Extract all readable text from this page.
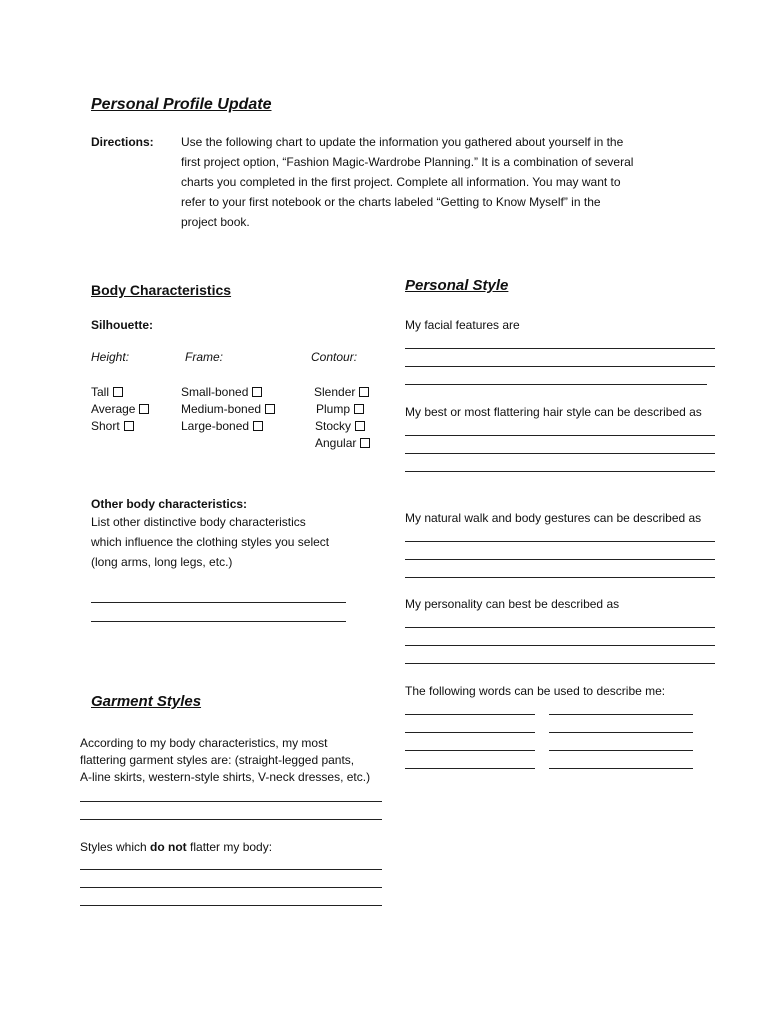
Personal Profile Update
Directions: Use the following chart to update the information you gathered about yourself in the
first project option, “Fashion Magic-Wardrobe Planning.” It is a combination of several
charts you completed in the first project. Complete all information. You may want to
refer to your first notebook or the charts labeled “Getting to Know Myself” in the
project book.
Body Characteristics
Silhouette:
Height:	Frame:	Contour:
Tall
Average
Short
Small-boned
Medium-boned
Large-boned
Slender
Plump
Stocky
Angular
Other body characteristics:
List other distinctive body characteristics
which influence the clothing styles you select
(long arms, long legs, etc.)
Garment Styles
According to my body characteristics, my most
flattering garment styles are: (straight-legged pants,
A-line skirts, western-style shirts, V-neck dresses, etc.)
Styles which do not flatter my body:
Personal Style
My facial features are
My best or most flattering hair style can be described as
My natural walk and body gestures can be described as
My personality can best be described as
The following words can be used to describe me:
